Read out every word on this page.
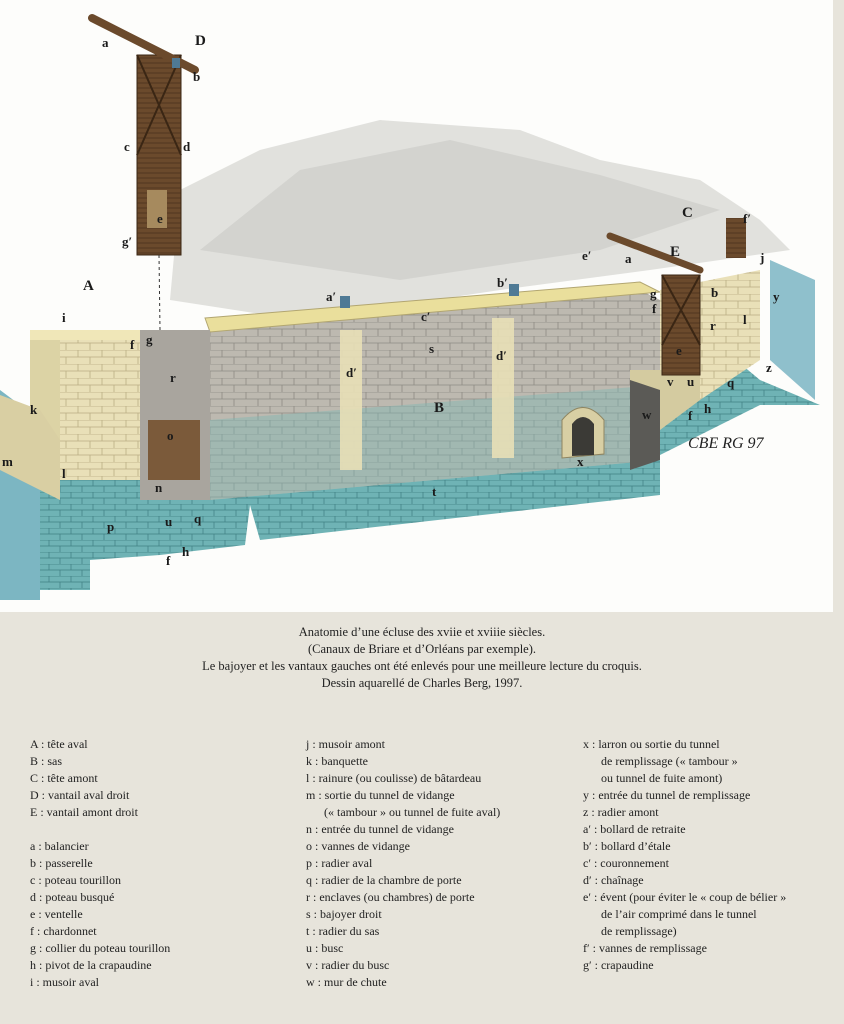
CBE RG 97
A
B
C
D
E
a
a
b
b
c	d
e
e
f
f
f
f
g
g
h
h
i
j
k
l
l
m
n
o
p
q
q
r
r
s
t
u
u
v
w
x
y
z
a′
b′
c′
d′
d′
e′
f′
g′
Anatomie d’une écluse des xviie et xviiie siècles.
(Canaux de Briare et d’Orléans par exemple).
Le bajoyer et les vantaux gauches ont été enlevés pour une meilleure lecture du croquis.
Dessin aquarellé de Charles Berg, 1997.
A : tête aval
B : sas
C : tête amont
D : vantail aval droit
E : vantail amont droit
a : balancier
b : passerelle
c : poteau tourillon
d : poteau busqué
e : ventelle
f : chardonnet
g : collier du poteau tourillon
h : pivot de la crapaudine
i : musoir aval
j : musoir amont
k : banquette
l : rainure (ou coulisse) de bâtardeau
m : sortie du tunnel de vidange
(« tambour » ou tunnel de fuite aval)
n : entrée du tunnel de vidange
o : vannes de vidange
p : radier aval
q : radier de la chambre de porte
r : enclaves (ou chambres) de porte
s : bajoyer droit
t : radier du sas
u : busc
v : radier du busc
w : mur de chute
x : larron ou sortie du tunnel
de remplissage (« tambour »
ou tunnel de fuite amont)
y : entrée du tunnel de remplissage
z : radier amont
a′ : bollard de retraite
b′ : bollard d’étale
c′ : couronnement
d′ : chaînage
e′ : évent (pour éviter le « coup de bélier »
de l’air comprimé dans le tunnel
de remplissage)
f′ : vannes de remplissage
g′ : crapaudine
